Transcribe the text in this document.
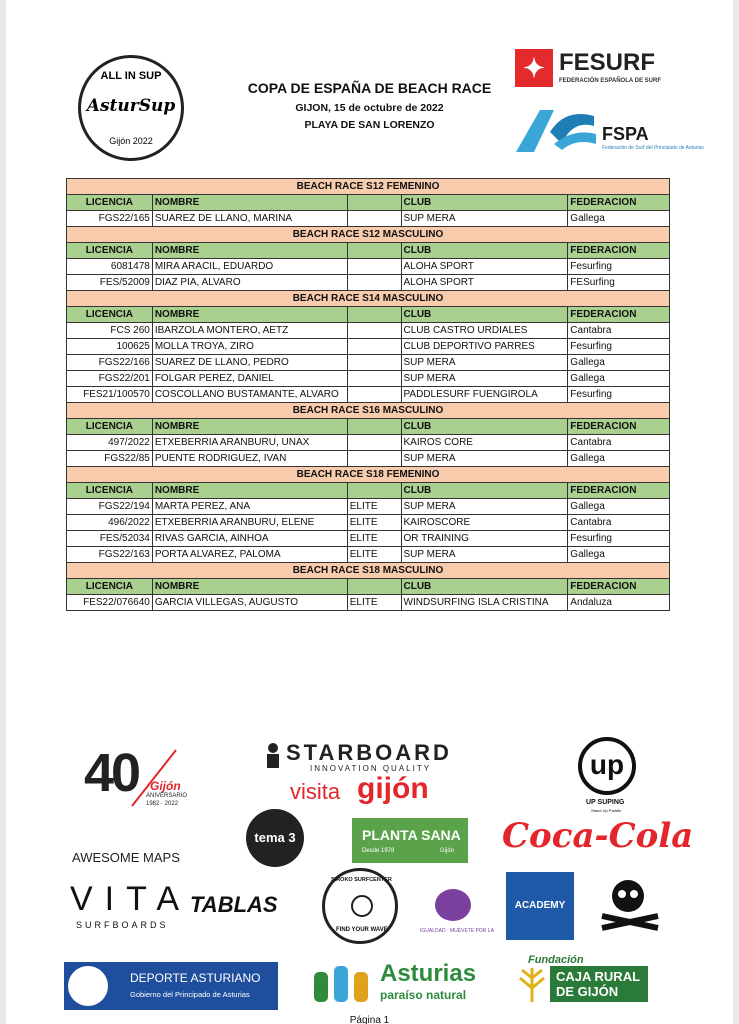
ALL IN SUP
AsturSup
Gijón 2022
COPA DE ESPAÑA DE BEACH RACE
GIJON, 15 de octubre de 2022
PLAYA DE SAN LORENZO
✦ FESURF
FEDERACIÓN ESPAÑOLA DE SURF
FSPA
Federación de Surf del Principado de Asturias
BEACH RACE S12 FEMENINO				
LICENCIA	NOMBRE		CLUB	FEDERACION
FGS22/165	SUAREZ DE LLANO, MARINA		SUP MERA	Gallega
BEACH RACE S12 MASCULINO				
LICENCIA	NOMBRE		CLUB	FEDERACION
6081478	MIRA ARACIL, EDUARDO		ALOHA SPORT	Fesurfing
FES/52009	DIAZ PIA, ALVARO		ALOHA SPORT	FESurfing
BEACH RACE S14 MASCULINO				
LICENCIA	NOMBRE		CLUB	FEDERACION
FCS 260	IBARZOLA MONTERO, AETZ		CLUB CASTRO URDIALES	Cantabra
100625	MOLLA TROYA, ZIRO		CLUB DEPORTIVO PARRES	Fesurfing
FGS22/166	SUAREZ DE LLANO, PEDRO		SUP MERA	Gallega
FGS22/201	FOLGAR PEREZ, DANIEL		SUP MERA	Gallega
FES21/100570	COSCOLLANO BUSTAMANTE, ALVARO		PADDLESURF FUENGIROLA	Fesurfing
BEACH RACE S16 MASCULINO				
LICENCIA	NOMBRE		CLUB	FEDERACION
497/2022	ETXEBERRIA ARANBURU, UNAX		KAIROS CORE	Cantabra
FGS22/85	PUENTE RODRIGUEZ, IVAN		SUP MERA	Gallega
BEACH RACE S18 FEMENINO				
LICENCIA	NOMBRE		CLUB	FEDERACION
FGS22/194	MARTA PEREZ, ANA	ELITE	SUP MERA	Gallega
496/2022	ETXEBERRIA ARANBURU, ELENE	ELITE	KAIROSCORE	Cantabra
FES/52034	RIVAS GARCIA, AINHOA	ELITE	OR TRAINING	Fesurfing
FGS22/163	PORTA ALVAREZ, PALOMA	ELITE	SUP MERA	Gallega
BEACH RACE S18 MASCULINO				
LICENCIA	NOMBRE		CLUB	FEDERACION
FES22/076640	GARCIA VILLEGAS, AUGUSTO	ELITE	WINDSURFING ISLA CRISTINA	Andaluza
40 Gijón
ANIVERSARIO
1982 · 2022
STARBOARD
INNOVATION QUALITY
visita gijón
up
UP SUPING
Stand Up Paddle
tema 3	PLANTA SANA
Desde 1978	Gijón Coca-Cola
AWESOME MAPS
VITA
SURFBOARDS
TABLAS
SIROKO SURFCENTER
FIND YOUR WAVE	IGUALDAD · MUÉVETE POR LA
ACADEMY
DEPORTE ASTURIANO
Gobierno del Principado de Asturias
Asturias
paraíso natural
Fundación
CAJA RURAL
DE GIJÓN
Página 1
